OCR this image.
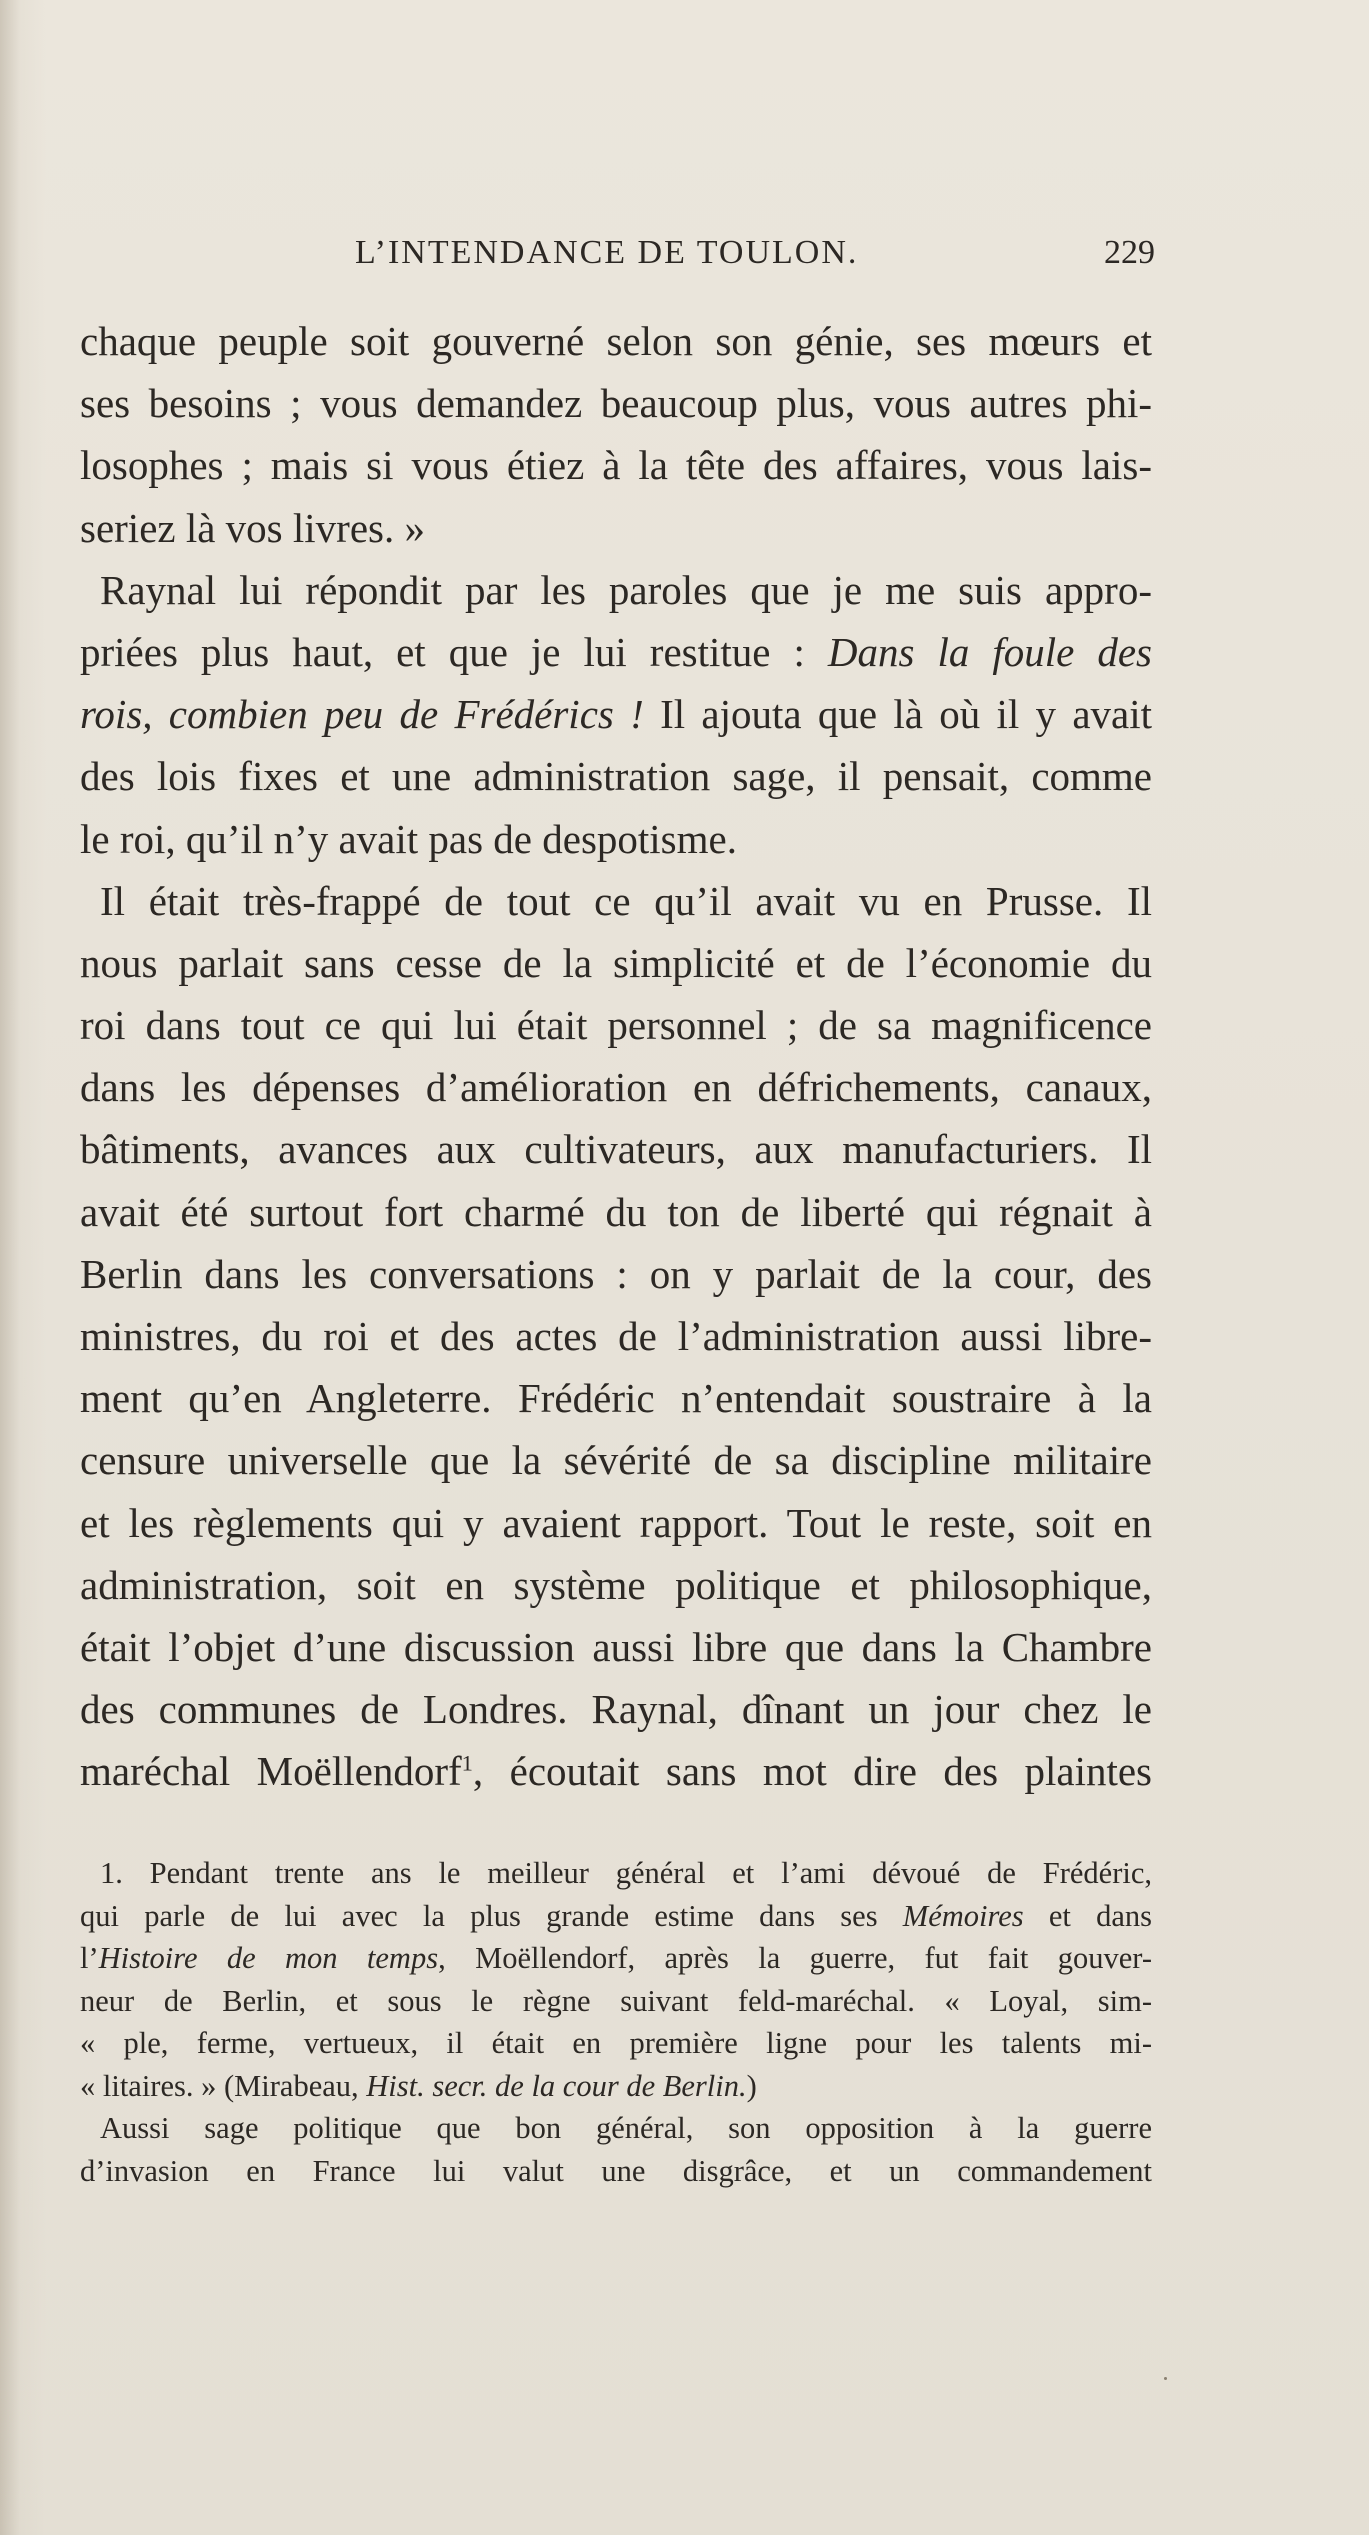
L’INTENDANCE DE TOULON.	229
chaque peuple soit gouverné selon son génie, ses mœurs et
ses besoins ; vous demandez beaucoup plus, vous autres phi-
losophes ; mais si vous étiez à la tête des affaires, vous lais-
seriez là vos livres. »
Raynal lui répondit par les paroles que je me suis appro-
priées plus haut, et que je lui restitue : Dans la foule des
rois, combien peu de Frédérics ! Il ajouta que là où il y avait
des lois fixes et une administration sage, il pensait, comme
le roi, qu’il n’y avait pas de despotisme.
Il était très-frappé de tout ce qu’il avait vu en Prusse. Il
nous parlait sans cesse de la simplicité et de l’économie du
roi dans tout ce qui lui était personnel ; de sa magnificence
dans les dépenses d’amélioration en défrichements, canaux,
bâtiments, avances aux cultivateurs, aux manufacturiers. Il
avait été surtout fort charmé du ton de liberté qui régnait à
Berlin dans les conversations : on y parlait de la cour, des
ministres, du roi et des actes de l’administration aussi libre-
ment qu’en Angleterre. Frédéric n’entendait soustraire à la
censure universelle que la sévérité de sa discipline militaire
et les règlements qui y avaient rapport. Tout le reste, soit en
administration, soit en système politique et philosophique,
était l’objet d’une discussion aussi libre que dans la Chambre
des communes de Londres. Raynal, dînant un jour chez le
maréchal Moëllendorf$^1$, écoutait sans mot dire des plaintes
1. Pendant trente ans le meilleur général et l’ami dévoué de Frédéric,
qui parle de lui avec la plus grande estime dans ses Mémoires et dans
l’Histoire de mon temps, Moëllendorf, après la guerre, fut fait gouver-
neur de Berlin, et sous le règne suivant feld-maréchal. « Loyal, sim-
« ple, ferme, vertueux, il était en première ligne pour les talents mi-
« litaires. » (Mirabeau, Hist. secr. de la cour de Berlin.)
Aussi sage politique que bon général, son opposition à la guerre
d’invasion en France lui valut une disgrâce, et un commandement
